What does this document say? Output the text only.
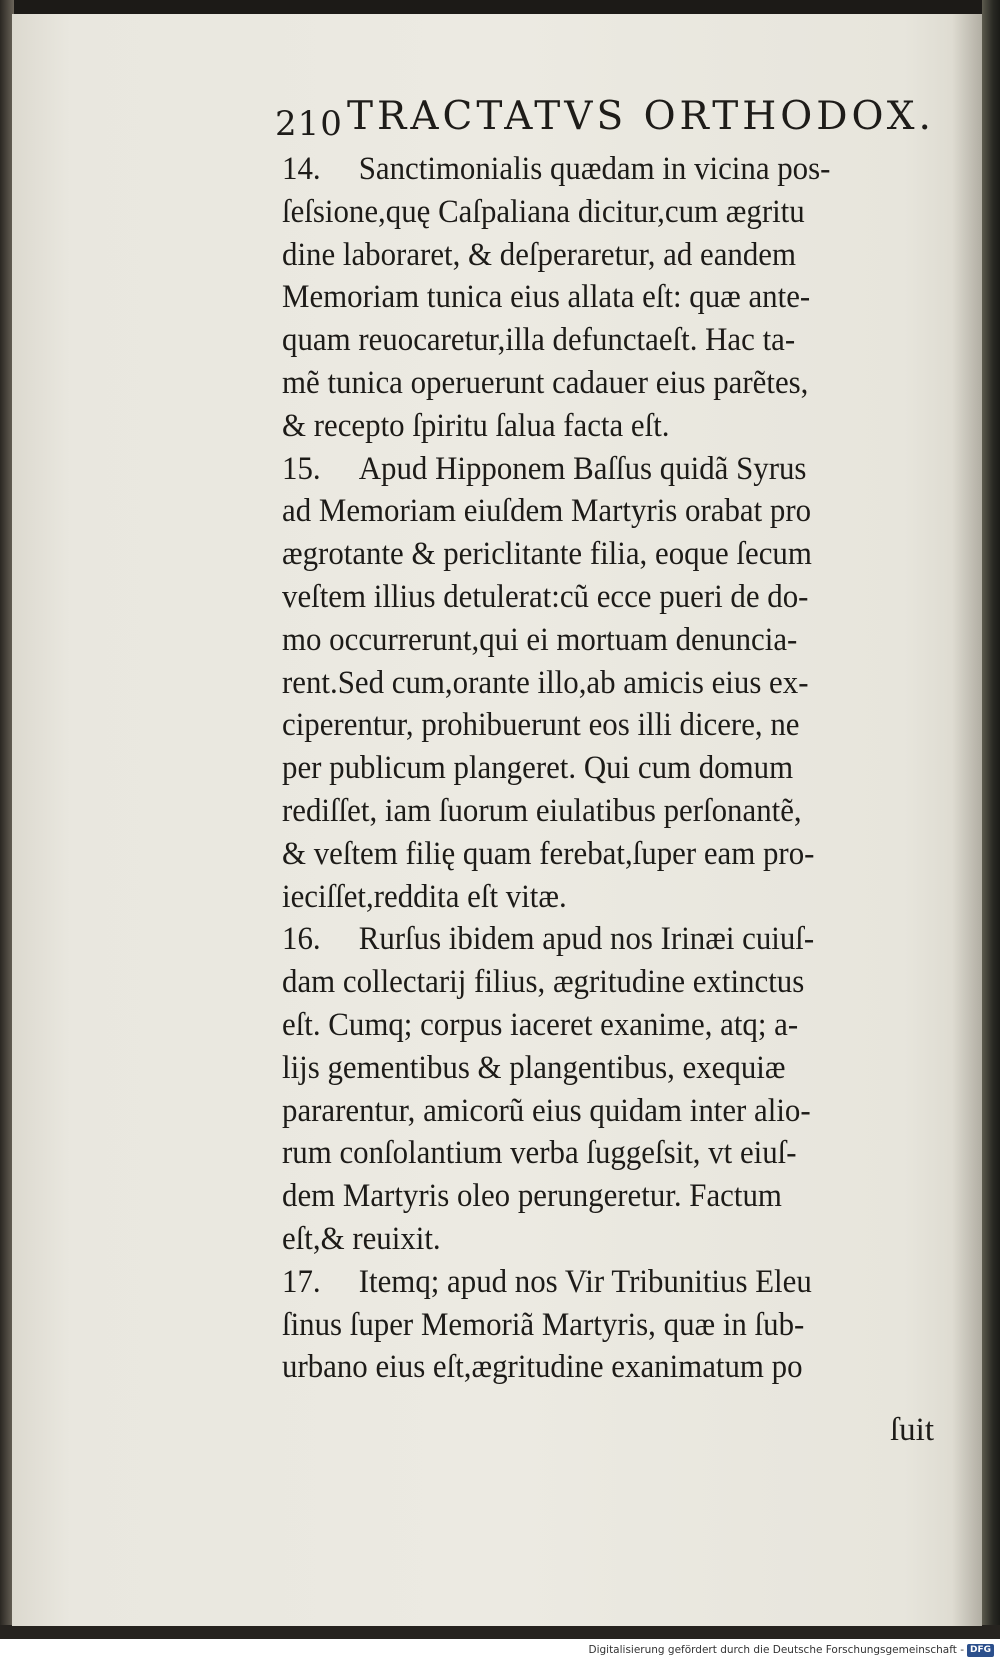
210 TRACTATVS ORTHODOX.
14. Sanctimonialis quædam in vicina pos-
ſeſsione,quę Caſpaliana dicitur,cum ægritu
dine laboraret, & deſperaretur, ad eandem
Memoriam tunica eius allata eſt: quæ ante-
quam reuocaretur,illa defunctaeſt. Hac ta-
mẽ tunica operuerunt cadauer eius parẽtes,
& recepto ſpiritu ſalua facta eſt.
15. Apud Hipponem Baſſus quidã Syrus
ad Memoriam eiuſdem Martyris orabat pro
ægrotante & periclitante filia, eoque ſecum
veſtem illius detulerat:cũ ecce pueri de do-
mo occurrerunt,qui ei mortuam denuncia-
rent.Sed cum,orante illo,ab amicis eius ex-
ciperentur, prohibuerunt eos illi dicere, ne
per publicum plangeret. Qui cum domum
rediſſet, iam ſuorum eiulatibus perſonantẽ,
& veſtem filię quam ferebat,ſuper eam pro-
ieciſſet,reddita eſt vitæ.
16. Rurſus ibidem apud nos Irinæi cuiuſ-
dam collectarij filius, ægritudine extinctus
eſt. Cumq; corpus iaceret exanime, atq; a-
lijs gementibus & plangentibus, exequiæ
pararentur, amicorũ eius quidam inter alio-
rum conſolantium verba ſuggeſsit, vt eiuſ-
dem Martyris oleo perungeretur. Factum
eſt,& reuixit.
17. Itemq; apud nos Vir Tribunitius Eleu
ſinus ſuper Memoriã Martyris, quæ in ſub-
urbano eius eſt,ægritudine exanimatum po
ſuit
Digitalisierung gefördert durch die Deutsche Forschungsgemeinschaft - DFG
